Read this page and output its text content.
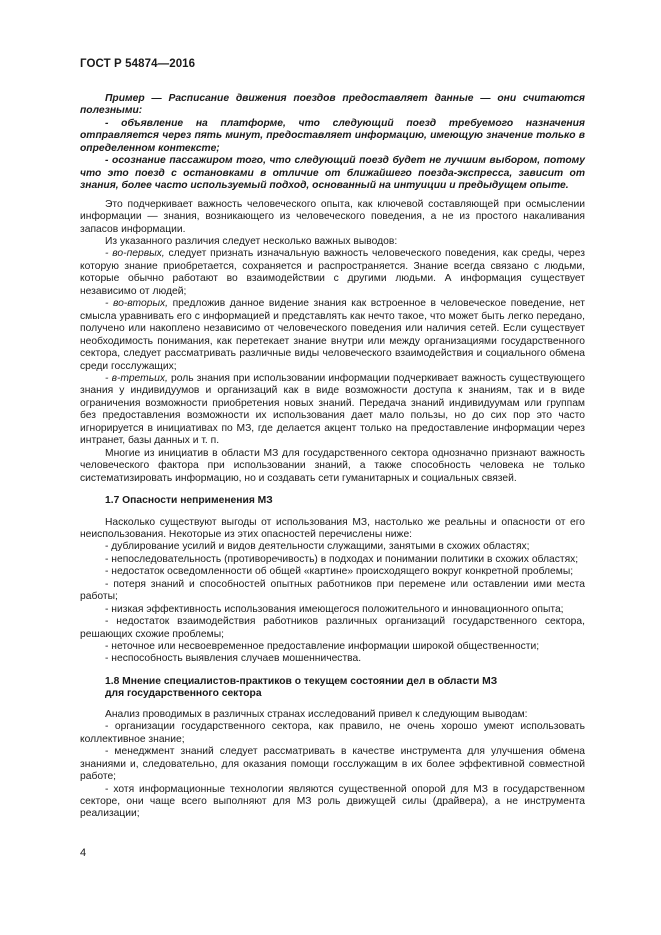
ГОСТ Р 54874—2016

Пример — Расписание движения поездов предоставляет данные — они считаются полезными:

- объявление на платформе, что следующий поезд требуемого назначения отправляется через пять минут, предоставляет информацию, имеющую значение только в определенном контексте;

- осознание пассажиром того, что следующий поезд будет не лучшим выбором, потому что это поезд с остановками в отличие от ближайшего поезда-экспресса, зависит от знания, более часто используемый подход, основанный на интуиции и предыдущем опыте.

Это подчеркивает важность человеческого опыта, как ключевой составляющей при осмыслении информации — знания, возникающего из человеческого поведения, а не из простого накаливания запасов информации.

Из указанного различия следует несколько важных выводов:

- во-первых, следует признать изначальную важность человеческого поведения, как среды, через которую знание приобретается, сохраняется и распространяется. Знание всегда связано с людьми, которые обычно работают во взаимодействии с другими людьми. А информация существует независимо от людей;

- во-вторых, предложив данное видение знания как встроенное в человеческое поведение, нет смысла уравнивать его с информацией и представлять как нечто такое, что может быть легко передано, получено или накоплено независимо от человеческого поведения или наличия сетей. Если существует необходимость понимания, как перетекает знание внутри или между организациями государственного сектора, следует рассматривать различные виды человеческого взаимодействия и социального обмена среди госслужащих;

- в-третьих, роль знания при использовании информации подчеркивает важность существующего знания у индивидуумов и организаций как в виде возможности доступа к знаниям, так и в виде ограничения возможности приобретения новых знаний. Передача знаний индивидуумам или группам без предоставления возможности их использования дает мало пользы, но до сих пор это часто игнорируется в инициативах по МЗ, где делается акцент только на предоставление информации через интранет, базы данных и т. п.

Многие из инициатив в области МЗ для государственного сектора однозначно признают важность человеческого фактора при использовании знаний, а также способность человека не только систематизировать информацию, но и создавать сети гуманитарных и социальных связей.

1.7 Опасности неприменения МЗ

Насколько существуют выгоды от использования МЗ, настолько же реальны и опасности от его неиспользования. Некоторые из этих опасностей перечислены ниже:

- дублирование усилий и видов деятельности служащими, занятыми в схожих областях;

- непоследовательность (противоречивость) в подходах и понимании политики в схожих областях;

- недостаток осведомленности об общей «картине» происходящего вокруг конкретной проблемы;

- потеря знаний и способностей опытных работников при перемене или оставлении ими места работы;

- низкая эффективность использования имеющегося положительного и инновационного опыта;

- недостаток взаимодействия работников различных организаций государственного сектора, решающих схожие проблемы;

- неточное или несвоевременное предоставление информации широкой общественности;

- неспособность выявления случаев мошенничества.

1.8 Мнение специалистов-практиков о текущем состоянии дел в области МЗ
для государственного сектора

Анализ проводимых в различных странах исследований привел к следующим выводам:

- организации государственного сектора, как правило, не очень хорошо умеют использовать коллективное знание;

- менеджмент знаний следует рассматривать в качестве инструмента для улучшения обмена знаниями и, следовательно, для оказания помощи госслужащим в их более эффективной совместной работе;

- хотя информационные технологии являются существенной опорой для МЗ в государственном секторе, они чаще всего выполняют для МЗ роль движущей силы (драйвера), а не инструмента реализации;

4
